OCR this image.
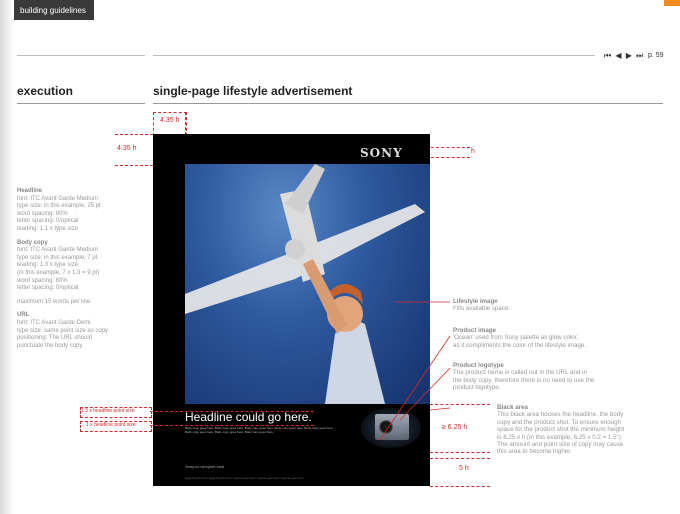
building guidelines
⏮ ◀ ▶ ⏭ p. 59
execution	single-page lifestyle advertisement
Headline
font: ITC Avant Garde Medium
type size: in this example, 25 pt
word spacing: 80%
letter spacing: 0/optical
leading: 1.1 x type size
Body copy
font: ITC Avant Garde Medium
type size: in this example, 7 pt
leading: 1.3 x type size
(in this example, 7 x 1.3 = 9 pt)
word spacing: 80%
letter spacing: 0/optical
maximum 15 words per line
URL
font: ITC Avant Garde Demi
type size: same point size as copy
positioning: The URL should
punctuate the body copy
4.35 h
4.35 h	h
SONY
Headline could go here.
Body copy goes here. Body copy goes here. Body copy goes here. Body copy goes here. Body copy goes here. Body copy goes here. Body copy goes here. Body copy goes here.
Sony.co.uk/cyber-shot
Legal line goes here. Legal line goes here. Legal line goes here. Legal line goes here. Legal line goes here.
1.3 x headline point size
1 x headline point size	≥ 6.25 h
5 h
Lifestyle image
Fills available space.
Product image
'Ocean' used from Sony palette as glow color,
as it compliments the color of the lifestyle image.
Product logotype
The product name is called out in the URL and in
the body copy, therefore there is no need to use the
product logotype.
Black area
This black area houses the headline, the body
copy and the product shot. To ensure enough
space for the product shot the minimum height
is 6.25 x h (in this example, 6.25 x 0.2 = 1.5").
The amount and point size of copy may cause
this area to become higher.
